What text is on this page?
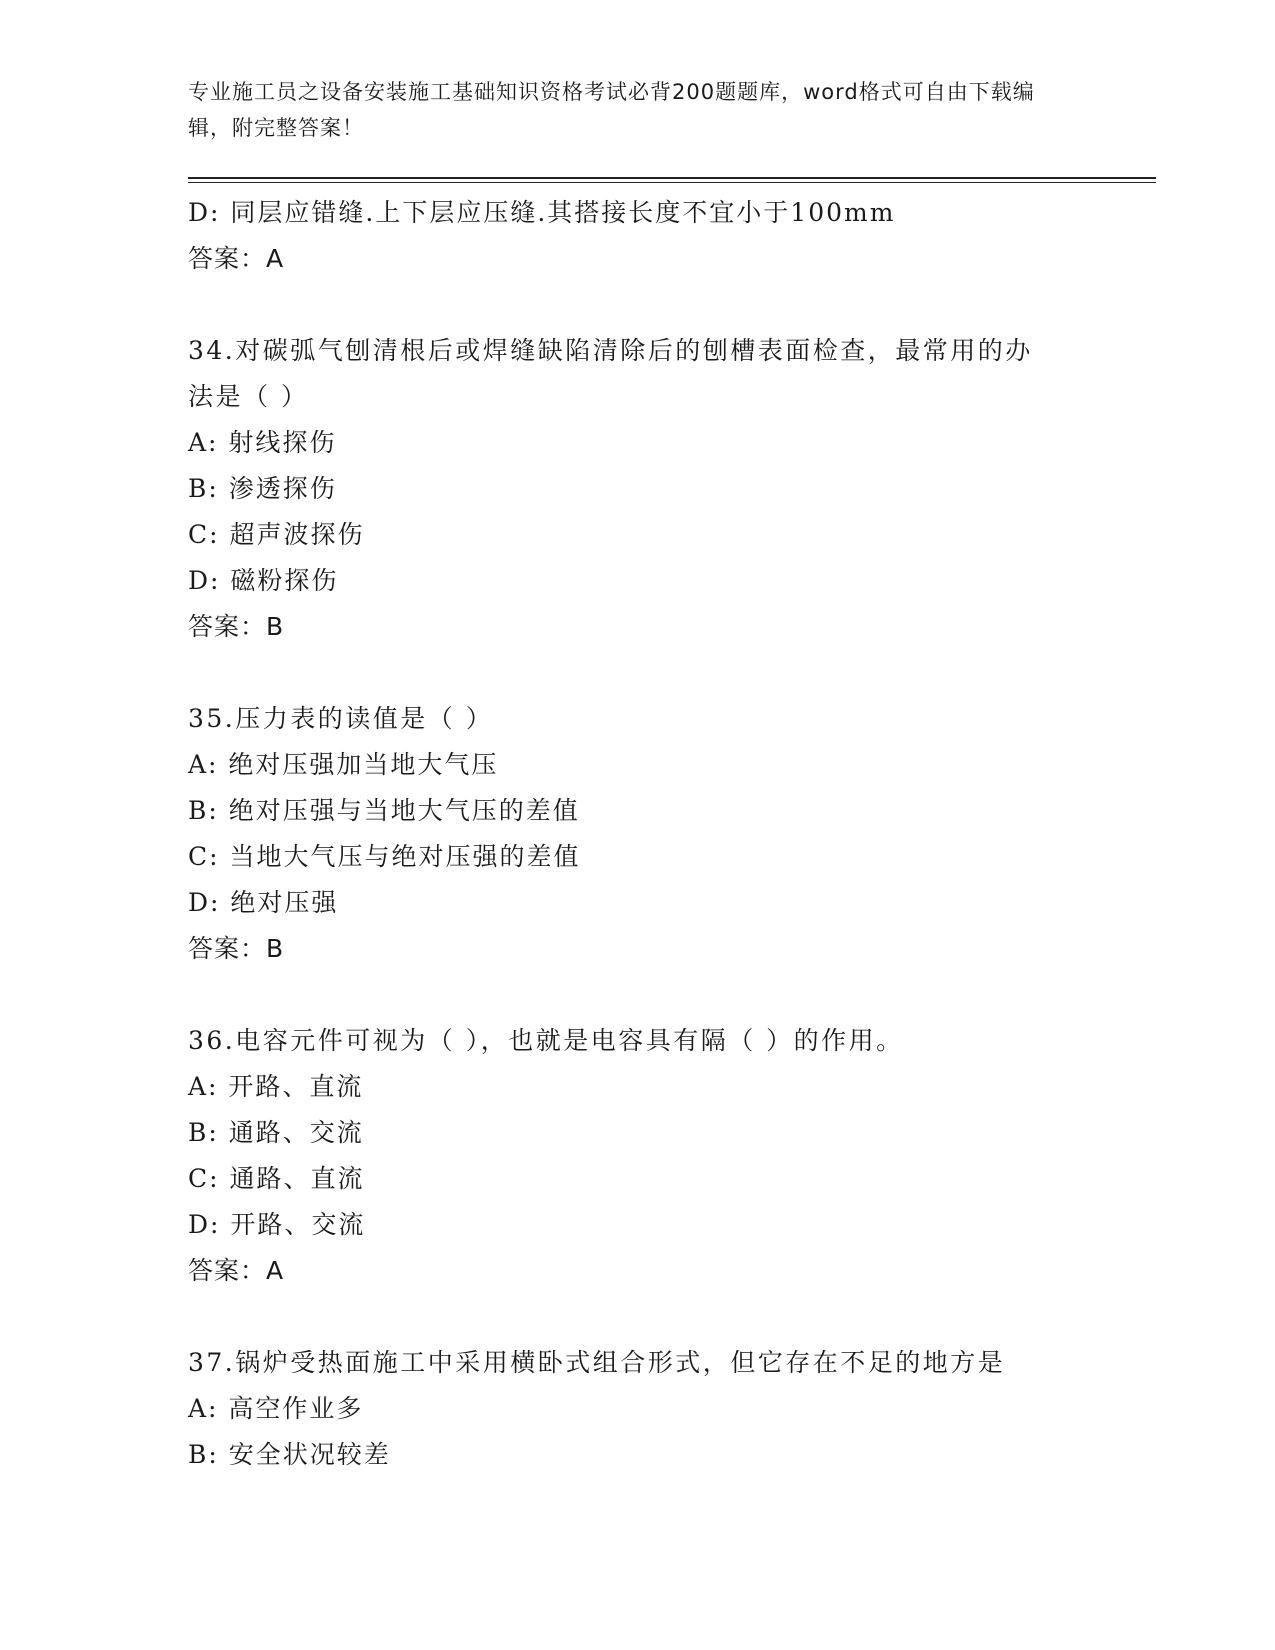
专业施工员之设备安装施工基础知识资格考试必背200题题库，word格式可自由下载编辑，附完整答案！
D: 同层应错缝.上下层应压缝.其搭接长度不宜小于100mm
答案：A
34.对碳弧气刨清根后或焊缝缺陷清除后的刨槽表面检查，最常用的办
法是（ ）
A: 射线探伤
B: 渗透探伤
C: 超声波探伤
D: 磁粉探伤
答案：B
35.压力表的读值是（ ）
A: 绝对压强加当地大气压
B: 绝对压强与当地大气压的差值
C: 当地大气压与绝对压强的差值
D: 绝对压强
答案：B
36.电容元件可视为（ ），也就是电容具有隔（ ）的作用。
A: 开路、直流
B: 通路、交流
C: 通路、直流
D: 开路、交流
答案：A
37.锅炉受热面施工中采用横卧式组合形式，但它存在不足的地方是
A: 高空作业多
B: 安全状况较差
